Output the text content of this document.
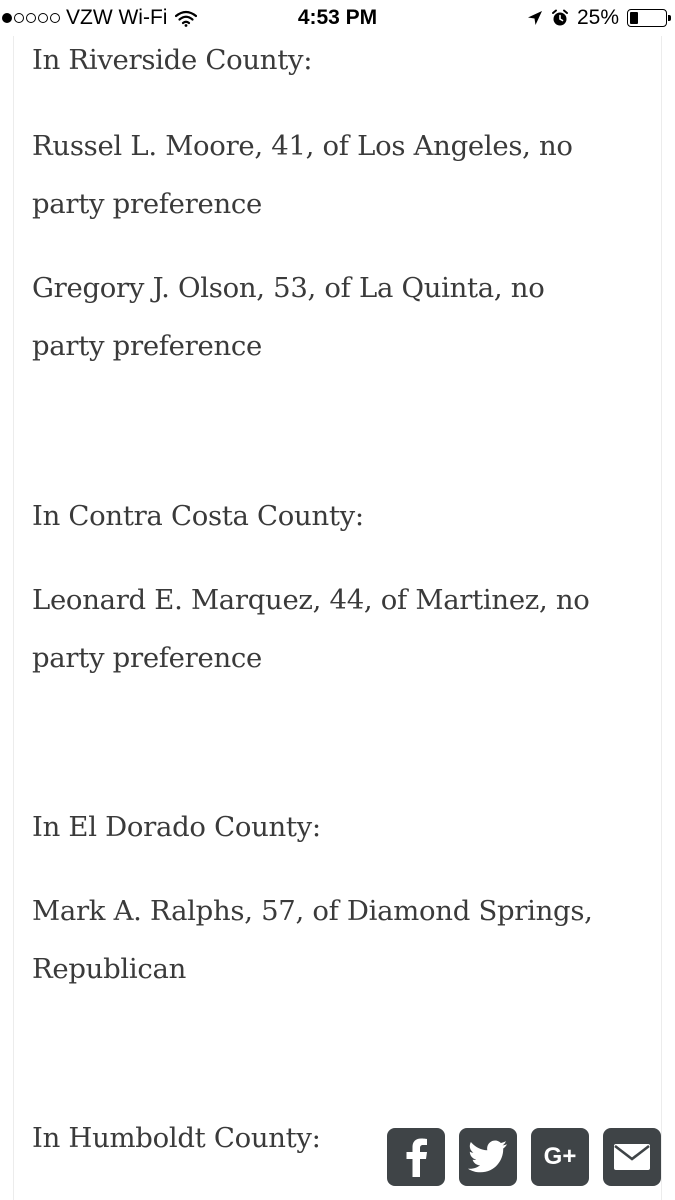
VZW Wi-Fi	4:53 PM	25%
In Riverside County:
Russel L. Moore, 41, of Los Angeles, no
party preference
Gregory J. Olson, 53, of La Quinta, no
party preference
In Contra Costa County:
Leonard E. Marquez, 44, of Martinez, no
party preference
In El Dorado County:
Mark A. Ralphs, 57, of Diamond Springs,
Republican
In Humboldt County:
G+
